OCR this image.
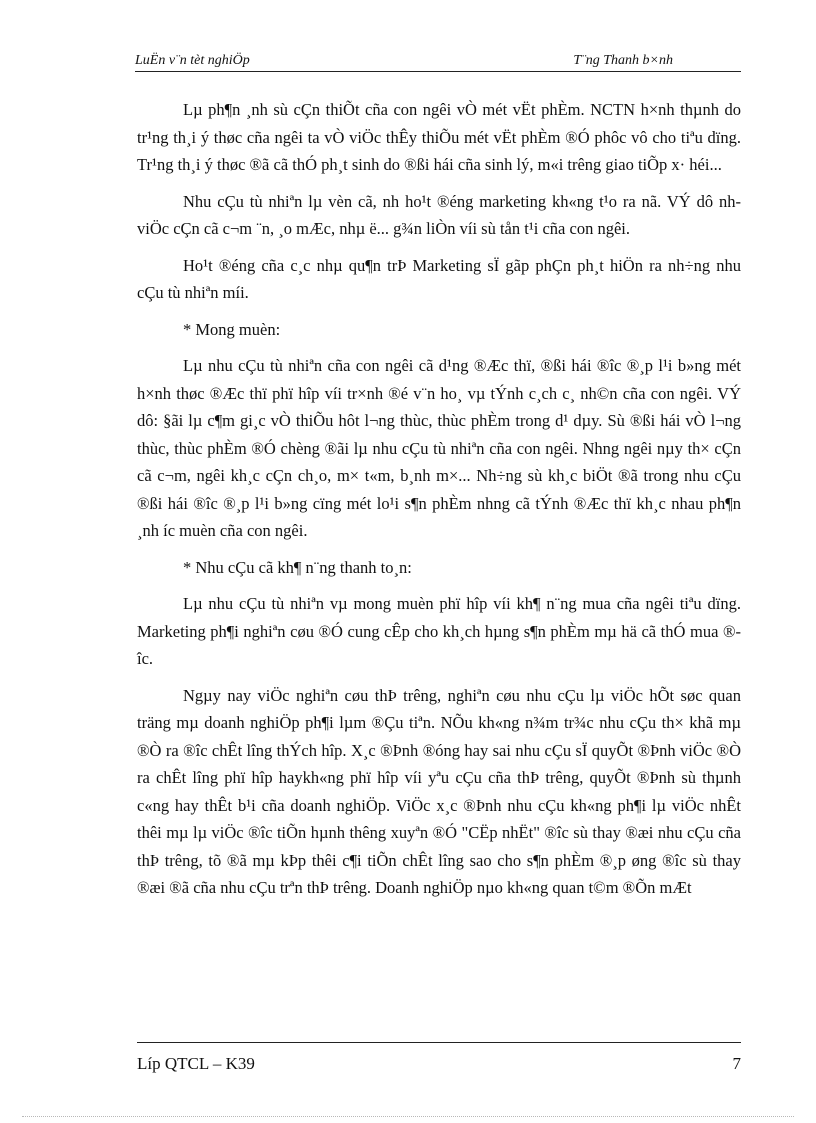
LuËn v¨n tèt nghiÖp	T¨ng Thanh b×nh

Lµ ph¶n ¸nh sù cÇn thiÕt cña con ngêi vÒ mét vËt phÈm. NCTN h×nh thµnh do tr¹ng th¸i ý thøc cña ngêi ta vÒ viÖc thÊy thiÕu mét vËt phÈm ®Ó phôc vô cho tiªu dïng. Tr¹ng th¸i ý thøc ®ã cã thÓ ph¸t sinh do ®ßi hái cña sinh lý, m«i trêng giao tiÕp x· héi...

Nhu cÇu tù nhiªn lµ vèn cã, nh ho¹t ®éng marketing kh«ng t¹o ra nã. VÝ dô nh viÖc cÇn cã c¬m ¨n, ¸o mÆc, nhµ ë... g¾n liÒn víi sù tån t¹i cña con ngêi.

Ho¹t ®éng cña c¸c nhµ qu¶n trÞ Marketing sÏ gãp phÇn ph¸t hiÖn ra nh÷ng nhu cÇu tù nhiªn míi.

* Mong muèn:

Lµ nhu cÇu tù nhiªn cña con ngêi cã d¹ng ®Æc thï, ®ßi hái ®îc ®¸p l¹i b»ng mét h×nh thøc ®Æc thï phï hîp víi tr×nh ®é v¨n ho¸ vµ tÝnh c¸ch c¸ nh©n cña con ngêi. VÝ dô: §ãi lµ c¶m gi¸c vÒ thiÕu hôt l¬ng thùc, thùc phÈm trong d¹ dµy. Sù ®ßi hái vÒ l¬ng thùc, thùc phÈm ®Ó chèng ®ãi lµ nhu cÇu tù nhiªn cña con ngêi. Nhng ngêi nµy th× cÇn cã c¬m, ngêi kh¸c cÇn ch¸o, m× t«m, b¸nh m×... Nh÷ng sù kh¸c biÖt ®ã trong nhu cÇu ®ßi hái ®îc ®¸p l¹i b»ng cïng mét lo¹i s¶n phÈm nhng cã tÝnh ®Æc thï kh¸c nhau ph¶n ¸nh íc muèn cña con ngêi.

* Nhu cÇu cã kh¶ n¨ng thanh to¸n:

Lµ nhu cÇu tù nhiªn vµ mong muèn phï hîp víi kh¶ n¨ng mua cña ngêi tiªu dïng. Marketing ph¶i nghiªn cøu ®Ó cung cÊp cho kh¸ch hµng s¶n phÈm mµ hä cã thÓ mua ®îc.

Ngµy nay viÖc nghiªn cøu thÞ trêng, nghiªn cøu nhu cÇu lµ viÖc hÕt søc quan träng mµ doanh nghiÖp ph¶i lµm ®Çu tiªn. NÕu kh«ng n¾m tr¾c nhu cÇu th× khã mµ ®Ò ra ®îc chÊt lîng thÝch hîp. X¸c ®Þnh ®óng hay sai nhu cÇu sÏ quyÕt ®Þnh viÖc ®Ò ra chÊt lîng phï hîp haykh«ng phï hîp víi yªu cÇu cña thÞ trêng, quyÕt ®Þnh sù thµnh c«ng hay thÊt b¹i cña doanh nghiÖp. ViÖc x¸c ®Þnh nhu cÇu kh«ng ph¶i lµ viÖc nhÊt thêi mµ lµ viÖc ®îc tiÕn hµnh thêng xuyªn ®Ó "CËp nhËt" ®îc sù thay ®æi nhu cÇu cña thÞ trêng, tõ ®ã mµ kÞp thêi c¶i tiÕn chÊt lîng sao cho s¶n phÈm ®¸p øng ®îc sù thay ®æi ®ã cña nhu cÇu trªn thÞ trêng. Doanh nghiÖp nµo kh«ng quan t©m ®Õn mÆt

Líp QTCL – K39	7
